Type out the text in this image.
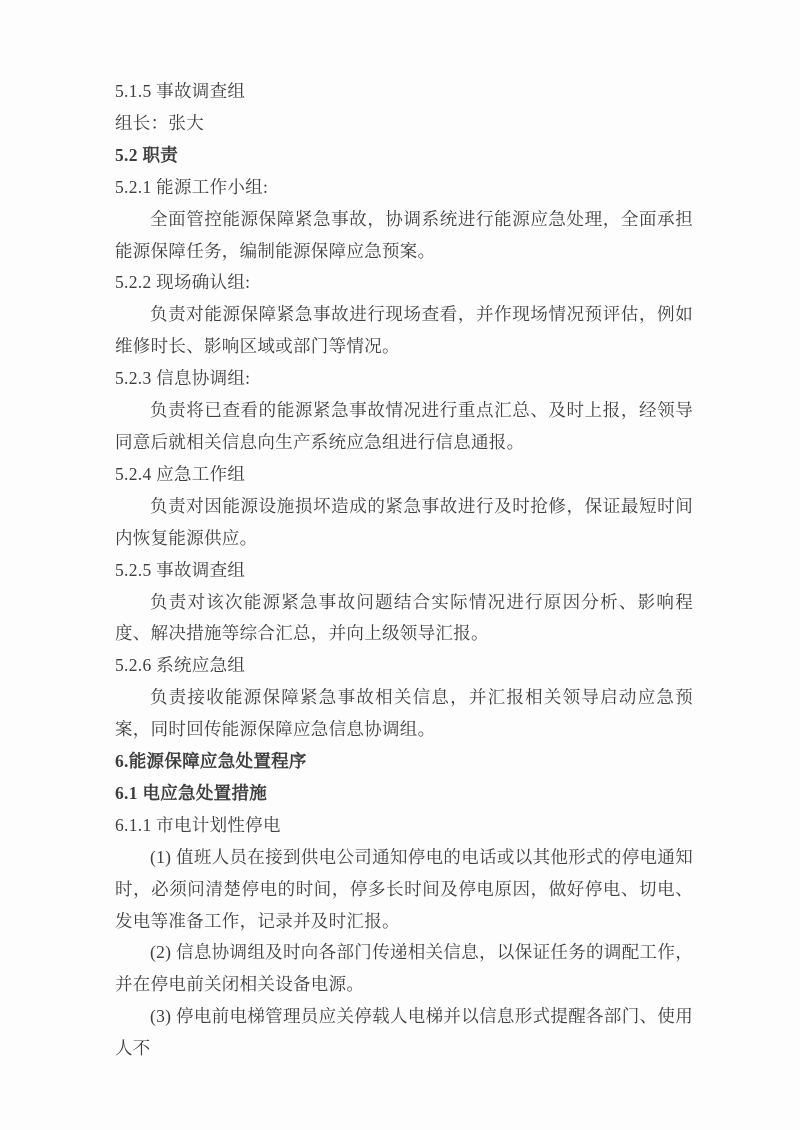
5.1.5 事故调查组

组长：张大

5.2 职责

5.2.1 能源工作小组:

全面管控能源保障紧急事故，协调系统进行能源应急处理，全面承担能源保障任务，编制能源保障应急预案。

5.2.2 现场确认组:

负责对能源保障紧急事故进行现场查看，并作现场情况预评估，例如维修时长、影响区域或部门等情况。

5.2.3 信息协调组:

负责将已查看的能源紧急事故情况进行重点汇总、及时上报，经领导同意后就相关信息向生产系统应急组进行信息通报。

5.2.4 应急工作组

负责对因能源设施损坏造成的紧急事故进行及时抢修，保证最短时间内恢复能源供应。

5.2.5 事故调查组

负责对该次能源紧急事故问题结合实际情况进行原因分析、影响程度、解决措施等综合汇总，并向上级领导汇报。

5.2.6 系统应急组

负责接收能源保障紧急事故相关信息，并汇报相关领导启动应急预案，同时回传能源保障应急信息协调组。

6.能源保障应急处置程序

6.1 电应急处置措施

6.1.1 市电计划性停电

(1) 值班人员在接到供电公司通知停电的电话或以其他形式的停电通知时，必须问清楚停电的时间，停多长时间及停电原因，做好停电、切电、发电等准备工作，记录并及时汇报。

(2) 信息协调组及时向各部门传递相关信息，以保证任务的调配工作，并在停电前关闭相关设备电源。

(3) 停电前电梯管理员应关停载人电梯并以信息形式提醒各部门、使用人不
